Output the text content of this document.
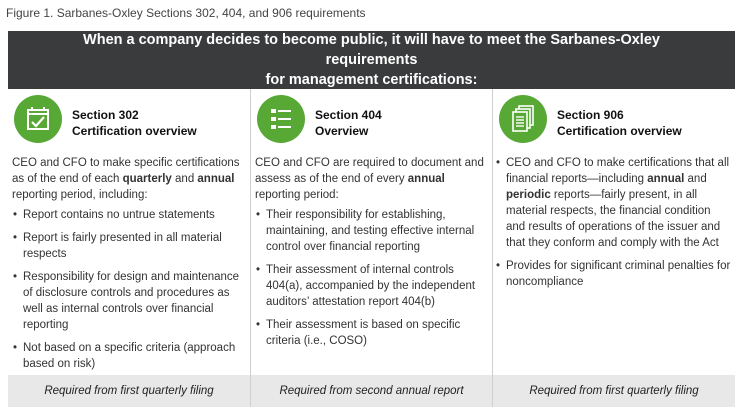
Figure 1. Sarbanes-Oxley Sections 302, 404, and 906 requirements
When a company decides to become public, it will have to meet the Sarbanes-Oxley requirements
for management certifications:
Section 302
Certification overview

CEO and CFO to make specific certifications as of the end of each quarterly and annual reporting period, including:

• Report contains no untrue statements
• Report is fairly presented in all material respects
• Responsibility for design and maintenance of disclosure controls and procedures as well as internal controls over financial reporting
• Not based on a specific criteria (approach based on risk)
Required from first quarterly filing
Section 404
Overview

CEO and CFO are required to document and assess as of the end of every annual reporting period:

• Their responsibility for establishing, maintaining, and testing effective internal control over financial reporting
• Their assessment of internal controls 404(a), accompanied by the independent auditors’ attestation report 404(b)
• Their assessment is based on specific criteria (i.e., COSO)
Required from second annual report
Section 906
Certification overview
• CEO and CFO to make certifications that all financial reports—including annual and periodic reports—fairly present, in all material respects, the financial condition and results of operations of the issuer and that they conform and comply with the Act
• Provides for significant criminal penalties for noncompliance
Required from first quarterly filing
